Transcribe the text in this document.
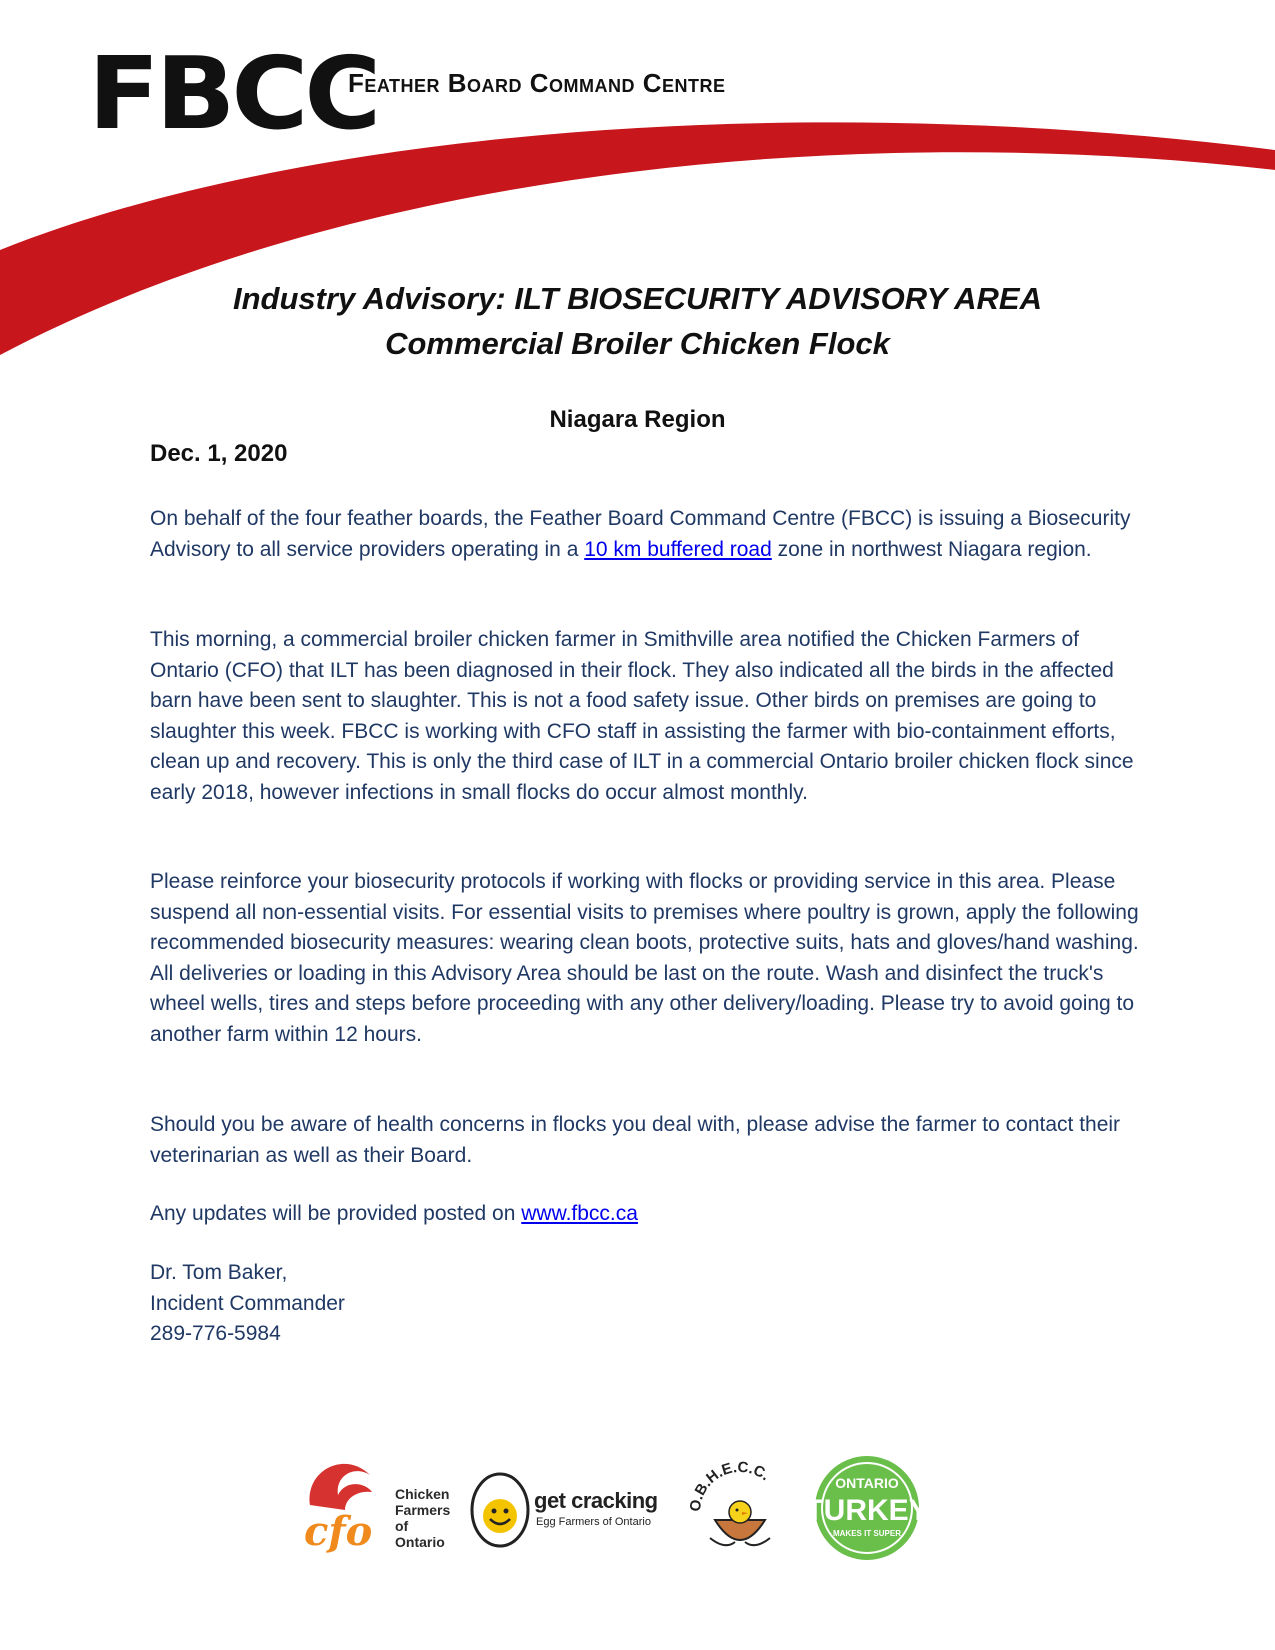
FBCC
Feather Board Command Centre
Industry Advisory: ILT BIOSECURITY ADVISORY AREA
Commercial Broiler Chicken Flock
Niagara Region
Dec. 1, 2020
On behalf of the four feather boards, the Feather Board Command Centre (FBCC) is issuing a Biosecurity Advisory to all service providers operating in a 10 km buffered road zone in northwest Niagara region.
This morning, a commercial broiler chicken farmer in Smithville area notified the Chicken Farmers of Ontario (CFO) that ILT has been diagnosed in their flock. They also indicated all the birds in the affected barn have been sent to slaughter. This is not a food safety issue. Other birds on premises are going to slaughter this week. FBCC is working with CFO staff in assisting the farmer with bio-containment efforts, clean up and recovery. This is only the third case of ILT in a commercial Ontario broiler chicken flock since early 2018, however infections in small flocks do occur almost monthly.
Please reinforce your biosecurity protocols if working with flocks or providing service in this area. Please suspend all non-essential visits. For essential visits to premises where poultry is grown, apply the following recommended biosecurity measures: wearing clean boots, protective suits, hats and gloves/hand washing. All deliveries or loading in this Advisory Area should be last on the route. Wash and disinfect the truck's wheel wells, tires and steps before proceeding with any other delivery/loading. Please try to avoid going to another farm within 12 hours.
Should you be aware of health concerns in flocks you deal with, please advise the farmer to contact their veterinarian as well as their Board.
Any updates will be provided posted on www.fbcc.ca
Dr. Tom Baker,
Incident Commander
289-776-5984
cfo
Chicken
Farmers
of Ontario
get cracking
Egg Farmers of Ontario
O.B.H.E.C.C.	ONTARIO
TURKEY
MAKES IT SUPER
